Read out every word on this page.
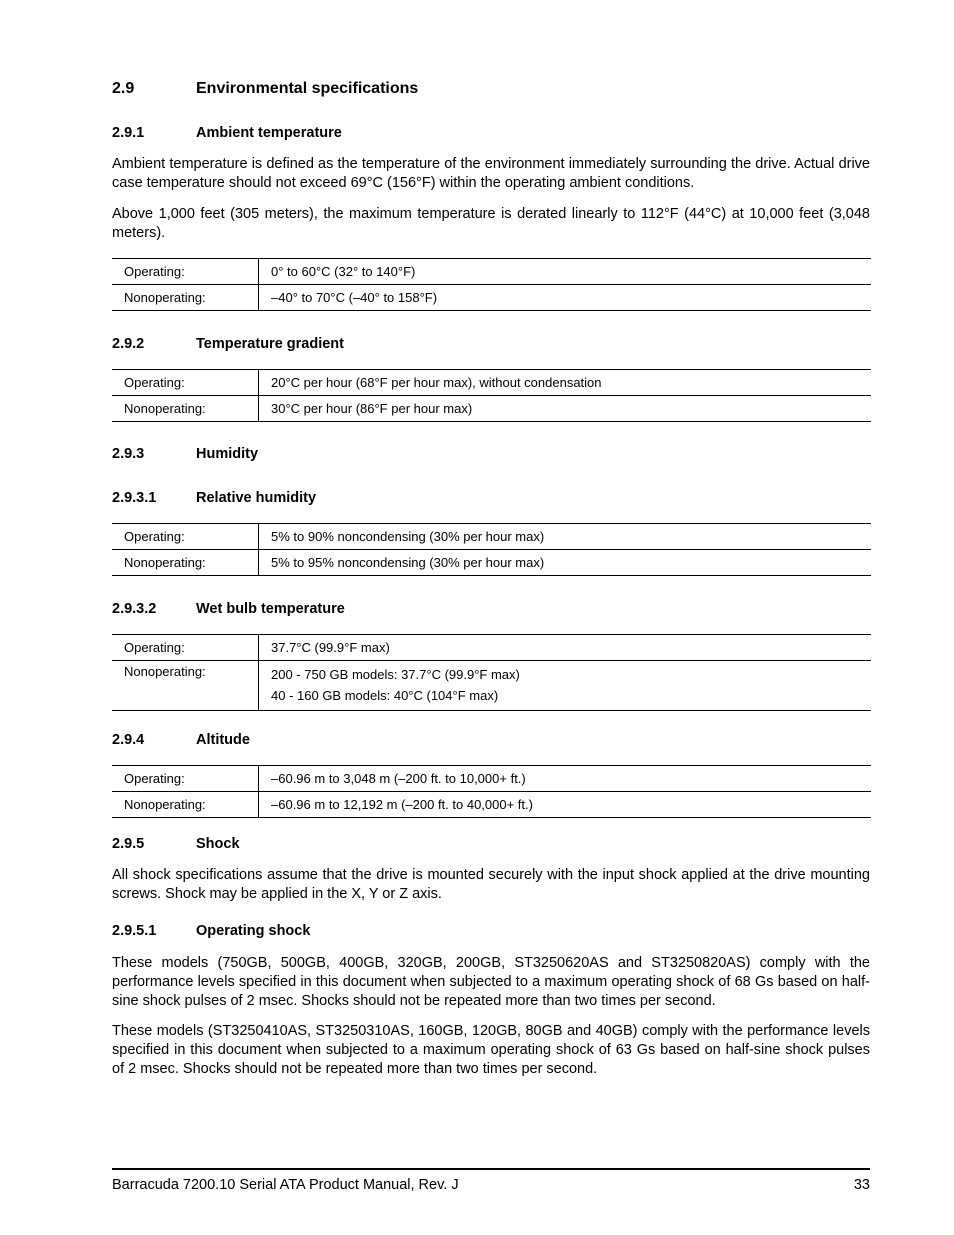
2.9	Environmental specifications
2.9.1	Ambient temperature

Ambient temperature is defined as the temperature of the environment immediately surrounding the drive. Actual drive case temperature should not exceed 69°C (156°F) within the operating ambient conditions.

Above 1,000 feet (305 meters), the maximum temperature is derated linearly to 112°F (44°C) at 10,000 feet (3,048 meters).

Operating:	0° to 60°C (32° to 140°F)
Nonoperating:	–40° to 70°C (–40° to 158°F)
2.9.2	Temperature gradient
Operating:	20°C per hour (68°F per hour max), without condensation
Nonoperating:	30°C per hour (86°F per hour max)
2.9.3	Humidity
2.9.3.1	Relative humidity
Operating:	5% to 90% noncondensing (30% per hour max)
Nonoperating:	5% to 95% noncondensing (30% per hour max)
2.9.3.2	Wet bulb temperature
Operating:	37.7°C (99.9°F max)
Nonoperating:	200 - 750 GB models: 37.7°C (99.9°F max)
40 - 160 GB models: 40°C (104°F max)
2.9.4	Altitude
Operating:	–60.96 m to 3,048 m (–200 ft. to 10,000+ ft.)
Nonoperating:	–60.96 m to 12,192 m (–200 ft. to 40,000+ ft.)
2.9.5	Shock

All shock specifications assume that the drive is mounted securely with the input shock applied at the drive mounting screws. Shock may be applied in the X, Y or Z axis.

2.9.5.1	Operating shock

These models (750GB, 500GB, 400GB, 320GB, 200GB, ST3250620AS and ST3250820AS) comply with the performance levels specified in this document when subjected to a maximum operating shock of 68 Gs based on half-sine shock pulses of 2 msec. Shocks should not be repeated more than two times per second.

These models (ST3250410AS, ST3250310AS, 160GB, 120GB, 80GB and 40GB) comply with the performance levels specified in this document when subjected to a maximum operating shock of 63 Gs based on half-sine shock pulses of 2 msec. Shocks should not be repeated more than two times per second.

Barracuda 7200.10 Serial ATA Product Manual, Rev. J	33
